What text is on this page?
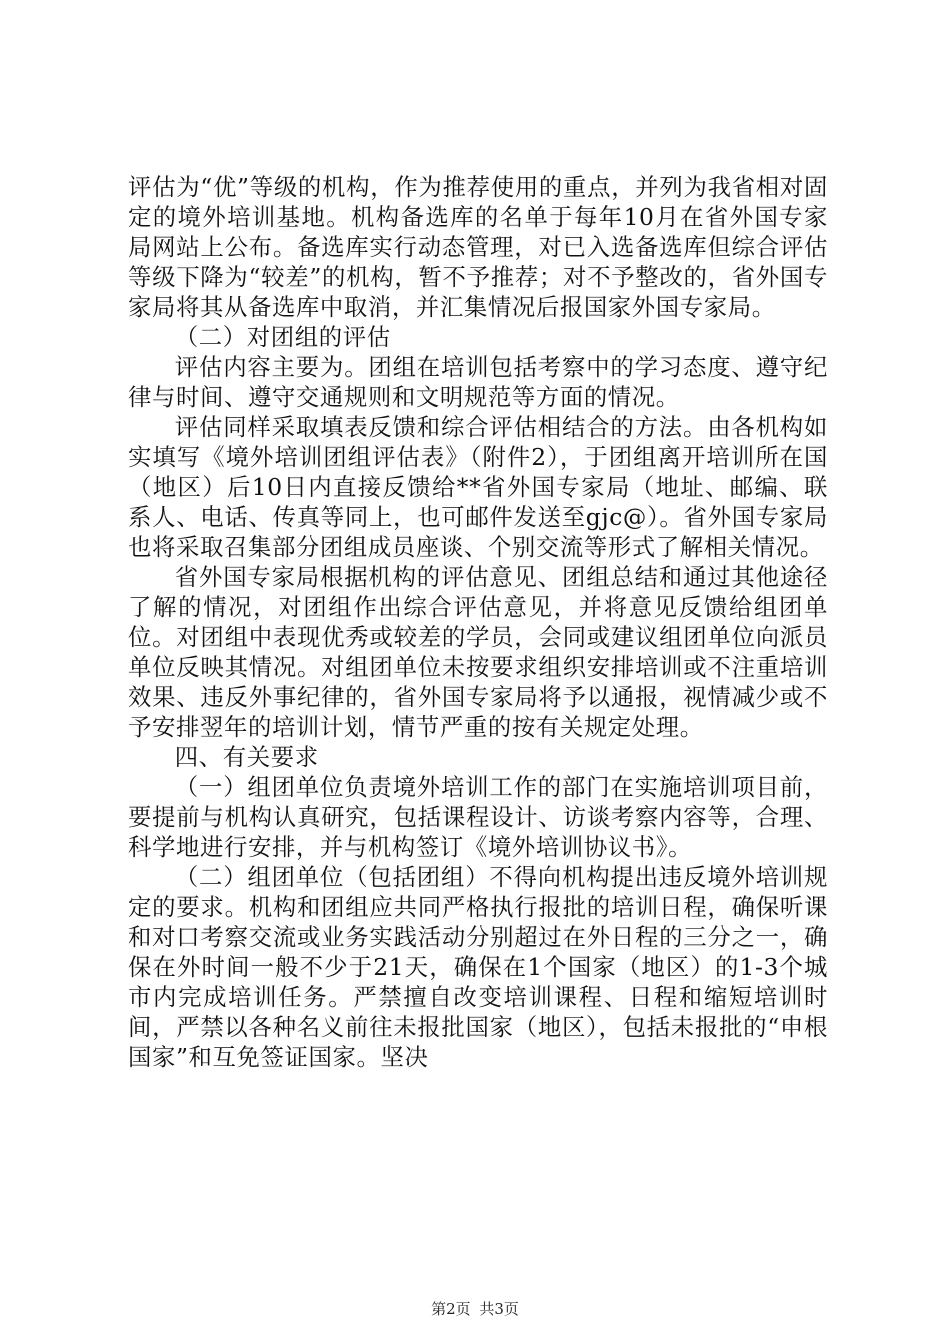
评估为“优”等级的机构，作为推荐使用的重点，并列为我省相对固定的境外培训基地。机构备选库的名单于每年10月在省外国专家局网站上公布。备选库实行动态管理，对已入选备选库但综合评估等级下降为“较差”的机构，暂不予推荐；对不予整改的，省外国专家局将其从备选库中取消，并汇集情况后报国家外国专家局。

（二）对团组的评估

评估内容主要为。团组在培训包括考察中的学习态度、遵守纪律与时间、遵守交通规则和文明规范等方面的情况。

评估同样采取填表反馈和综合评估相结合的方法。由各机构如实填写《境外培训团组评估表》（附件2），于团组离开培训所在国（地区）后10日内直接反馈给**省外国专家局（地址、邮编、联系人、电话、传真等同上，也可邮件发送至gjc@）。省外国专家局也将采取召集部分团组成员座谈、个别交流等形式了解相关情况。

省外国专家局根据机构的评估意见、团组总结和通过其他途径了解的情况，对团组作出综合评估意见，并将意见反馈给组团单位。对团组中表现优秀或较差的学员，会同或建议组团单位向派员单位反映其情况。对组团单位未按要求组织安排培训或不注重培训效果、违反外事纪律的，省外国专家局将予以通报，视情减少或不予安排翌年的培训计划，情节严重的按有关规定处理。

四、有关要求

（一）组团单位负责境外培训工作的部门在实施培训项目前，要提前与机构认真研究，包括课程设计、访谈考察内容等，合理、科学地进行安排，并与机构签订《境外培训协议书》。

（二）组团单位（包括团组）不得向机构提出违反境外培训规定的要求。机构和团组应共同严格执行报批的培训日程，确保听课和对口考察交流或业务实践活动分别超过在外日程的三分之一，确保在外时间一般不少于21天，确保在1个国家（地区）的1-3个城市内完成培训任务。严禁擅自改变培训课程、日程和缩短培训时间，严禁以各种名义前往未报批国家（地区），包括未报批的“申根国家”和互免签证国家。坚决

第2页 共3页
